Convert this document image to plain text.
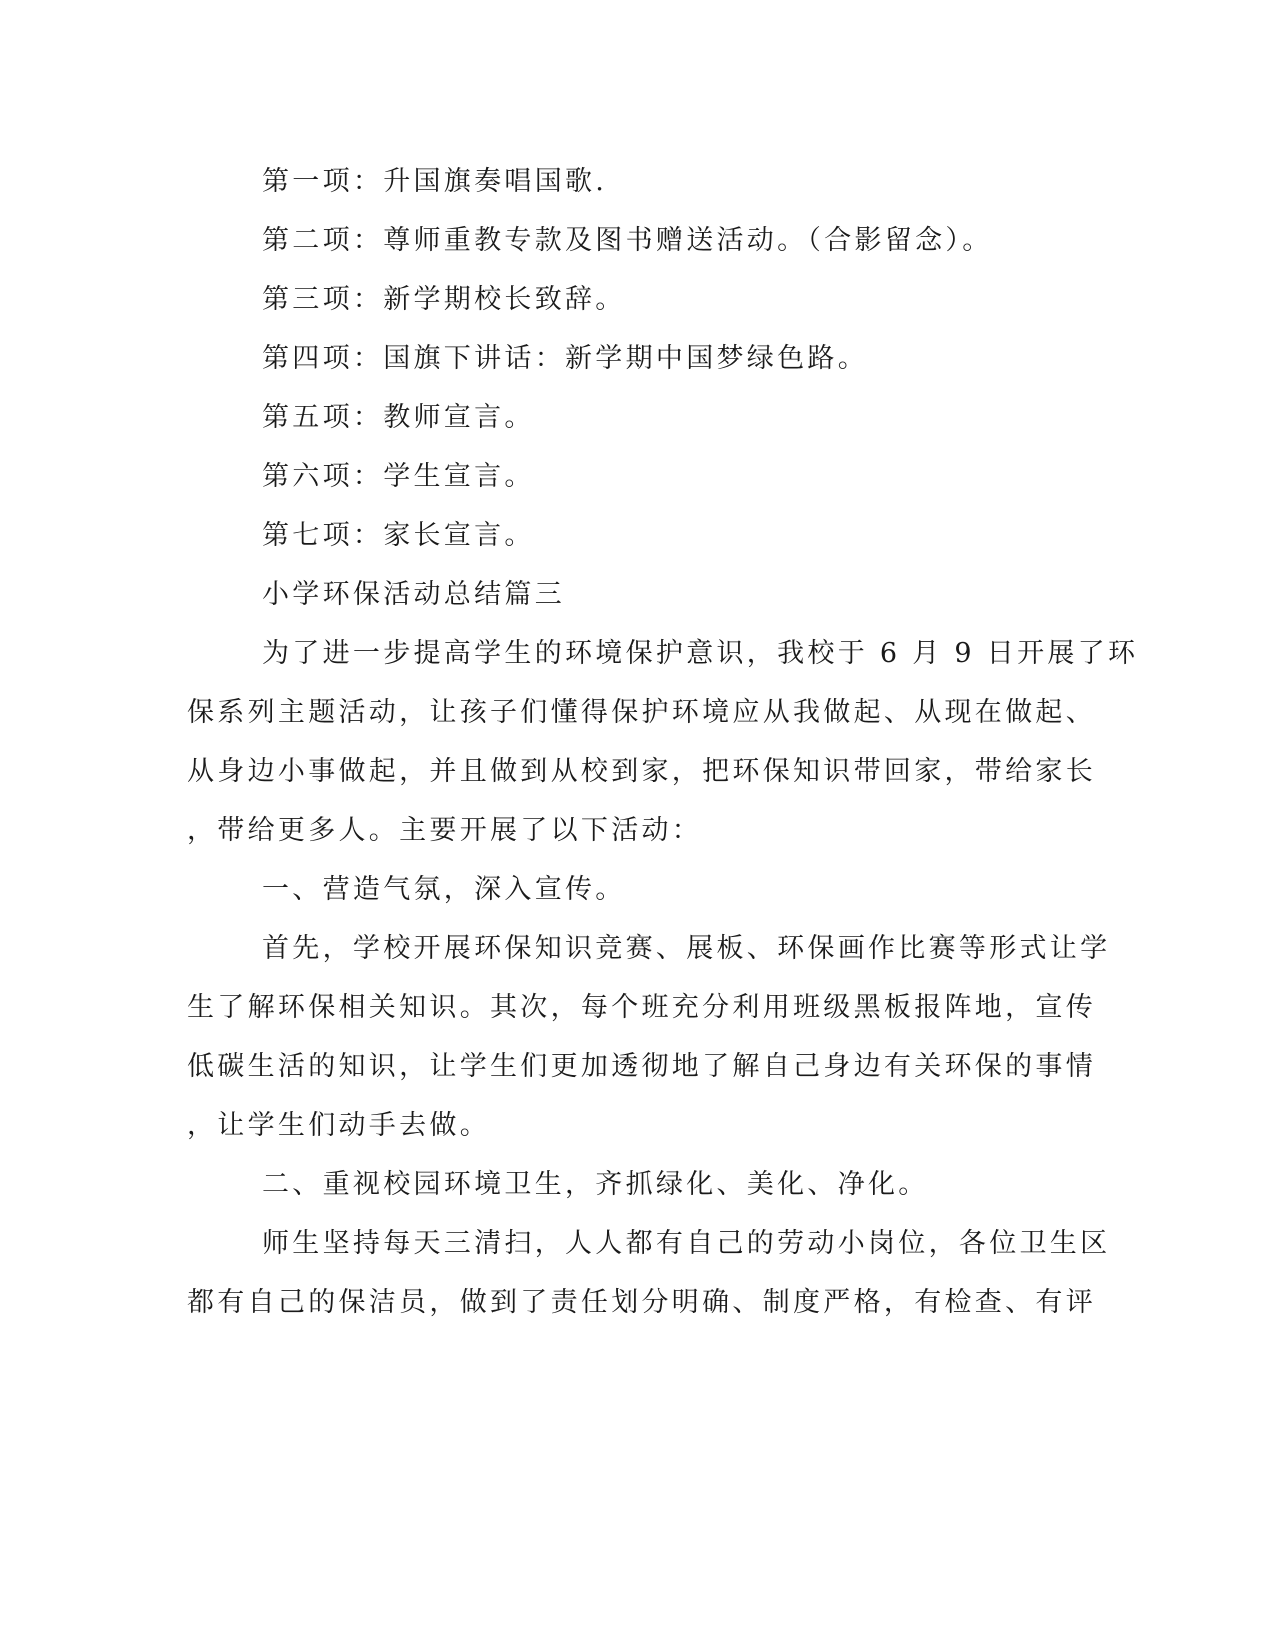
第一项：升国旗奏唱国歌.
第二项：尊师重教专款及图书赠送活动。（合影留念）。
第三项：新学期校长致辞。
第四项：国旗下讲话：新学期中国梦绿色路。
第五项：教师宣言。
第六项：学生宣言。
第七项：家长宣言。
小学环保活动总结篇三
为了进一步提高学生的环境保护意识，我校于 6 月 9 日开展了环
保系列主题活动，让孩子们懂得保护环境应从我做起、从现在做起、
从身边小事做起，并且做到从校到家，把环保知识带回家，带给家长
，带给更多人。主要开展了以下活动：
一、营造气氛，深入宣传。
首先，学校开展环保知识竞赛、展板、环保画作比赛等形式让学
生了解环保相关知识。其次，每个班充分利用班级黑板报阵地，宣传
低碳生活的知识，让学生们更加透彻地了解自己身边有关环保的事情
，让学生们动手去做。
二、重视校园环境卫生，齐抓绿化、美化、净化。
师生坚持每天三清扫，人人都有自己的劳动小岗位，各位卫生区
都有自己的保洁员，做到了责任划分明确、制度严格，有检查、有评
